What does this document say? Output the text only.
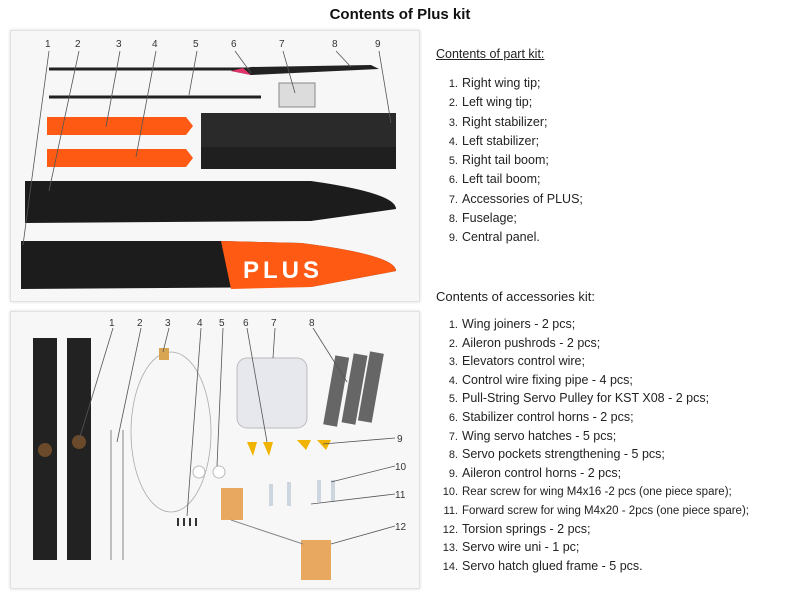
Contents of Plus kit
PLUS
1 2	3	4	5	6	7	8	9
1 2 3	4 5 6 7	8
9
10
11
12
Contents of part kit:
1. Right wing tip;
2. Left wing tip;
3. Right stabilizer;
4. Left stabilizer;
5. Right tail boom;
6. Left tail boom;
7. Accessories of PLUS;
8. Fuselage;
9. Central panel.
Contents of accessories kit:
1. Wing joiners - 2 pcs;
2. Aileron pushrods - 2 pcs;
3. Elevators control wire;
4. Control wire fixing pipe - 4 pcs;
5. Pull-String Servo Pulley for KST X08 - 2 pcs;
6. Stabilizer control horns - 2 pcs;
7. Wing servo hatches - 5 pcs;
8. Servo pockets strengthening - 5 pcs;
9. Aileron control horns - 2 pcs;
10. Rear screw for wing M4x16 -2 pcs (one piece spare);
11. Forward screw for wing M4x20 - 2pcs (one piece spare);
12. Torsion springs - 2 pcs;
13. Servo wire uni - 1 pc;
14. Servo hatch glued frame - 5 pcs.
